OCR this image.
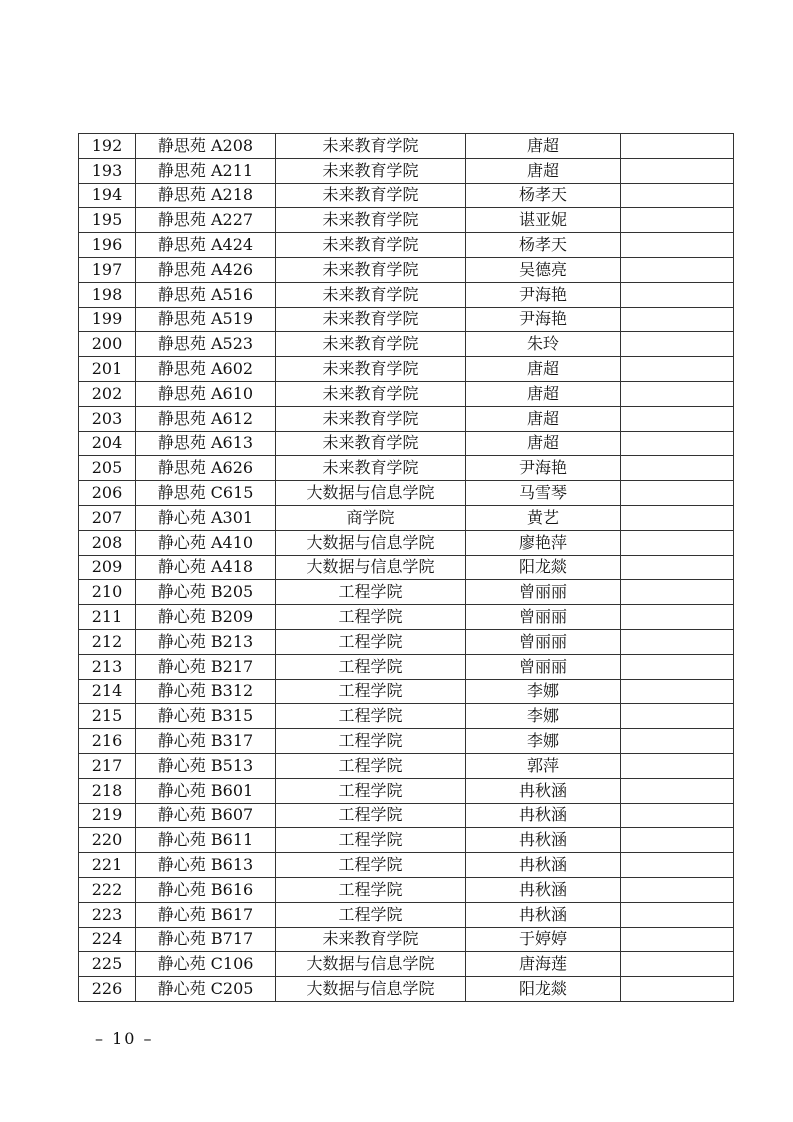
192	静思苑 A208	未来教育学院	唐超	
193	静思苑 A211	未来教育学院	唐超	
194	静思苑 A218	未来教育学院	杨孝天	
195	静思苑 A227	未来教育学院	谌亚妮	
196	静思苑 A424	未来教育学院	杨孝天	
197	静思苑 A426	未来教育学院	吴德亮	
198	静思苑 A516	未来教育学院	尹海艳	
199	静思苑 A519	未来教育学院	尹海艳	
200	静思苑 A523	未来教育学院	朱玲	
201	静思苑 A602	未来教育学院	唐超	
202	静思苑 A610	未来教育学院	唐超	
203	静思苑 A612	未来教育学院	唐超	
204	静思苑 A613	未来教育学院	唐超	
205	静思苑 A626	未来教育学院	尹海艳	
206	静思苑 C615	大数据与信息学院	马雪琴	
207	静心苑 A301	商学院	黄艺	
208	静心苑 A410	大数据与信息学院	廖艳萍	
209	静心苑 A418	大数据与信息学院	阳龙燚	
210	静心苑 B205	工程学院	曾丽丽	
211	静心苑 B209	工程学院	曾丽丽	
212	静心苑 B213	工程学院	曾丽丽	
213	静心苑 B217	工程学院	曾丽丽	
214	静心苑 B312	工程学院	李娜	
215	静心苑 B315	工程学院	李娜	
216	静心苑 B317	工程学院	李娜	
217	静心苑 B513	工程学院	郭萍	
218	静心苑 B601	工程学院	冉秋涵	
219	静心苑 B607	工程学院	冉秋涵	
220	静心苑 B611	工程学院	冉秋涵	
221	静心苑 B613	工程学院	冉秋涵	
222	静心苑 B616	工程学院	冉秋涵	
223	静心苑 B617	工程学院	冉秋涵	
224	静心苑 B717	未来教育学院	于婷婷	
225	静心苑 C106	大数据与信息学院	唐海莲	
226	静心苑 C205	大数据与信息学院	阳龙燚	
– 10 –
